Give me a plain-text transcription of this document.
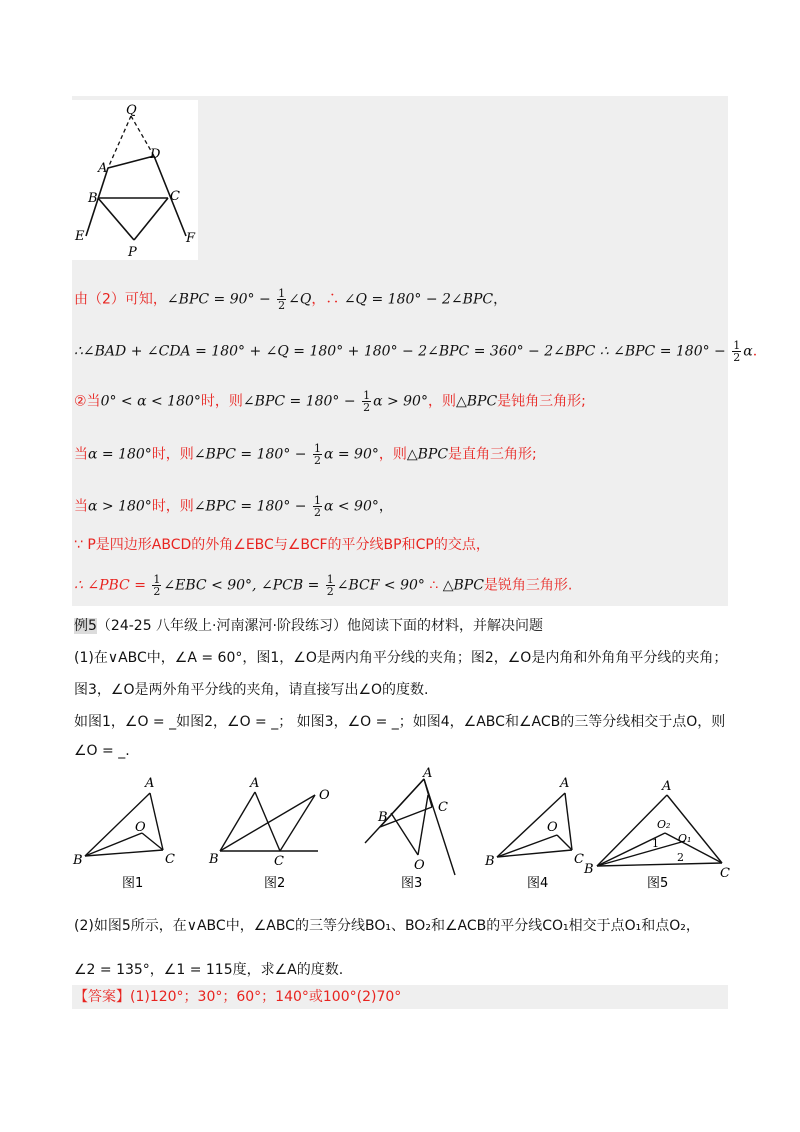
Q
A
D
B	C
E	F
P
由（2）可知，∠BPC = $90^\circ - \frac{1}{2}$ ∠Q，∴ ∠Q = 180° − 2∠BPC，
∴∠BAD + ∠CDA = 180° + ∠Q = 180° + 180° − 2∠BPC = 360° − 2∠BPC ∴ ∠BPC = $180^\circ - \frac{1}{2} \alpha$.
②当0° < α < 180°时，则∠BPC = $180^\circ - \frac{1}{2}$ α > 90°，则△BPC是钝角三角形;
当α = 180°时，则∠BPC = $180^\circ - \frac{1}{2}$ α = 90°，则△BPC是直角三角形;
当α > 180°时，则∠BPC = $180^\circ - \frac{1}{2}$ α < 90°，
∵ P是四边形ABCD的外角∠EBC与∠BCF的平分线BP和CP的交点，
∴ ∠PBC = $\frac{1}{2}$ ∠EBC < 90°, ∠PCB = $\frac{1}{2}$ ∠BCF < 90° ∴ △BPC是锐角三角形.
例5（24-25 八年级上·河南漯河·阶段练习）他阅读下面的材料，并解决问题
(1)在∨ABC中，∠A = 60°，图1，∠O是两内角平分线的夹角；图2，∠O是内角和外角角平分线的夹角；
图3，∠O是两外角平分线的夹角，请直接写出∠O的度数.
如图1，∠O = _如图2，∠O = _； 如图3，∠O = _；如图4，∠ABC和∠ACB的三等分线相交于点O，则
∠O = _.
A
B	C
O
A
B	C
O
A
B
C
O
A
B	C
O
A
B	C
O₂
O₁
1
2
图1	图2	图3	图4	图5
(2)如图5所示，在∨ABC中，∠ABC的三等分线BO₁、BO₂和∠ACB的平分线CO₁相交于点O₁和点O₂，
∠2 = 135°，∠1 = 115度，求∠A的度数.
【答案】(1)120°；30°；60°；140°或100°(2)70°
